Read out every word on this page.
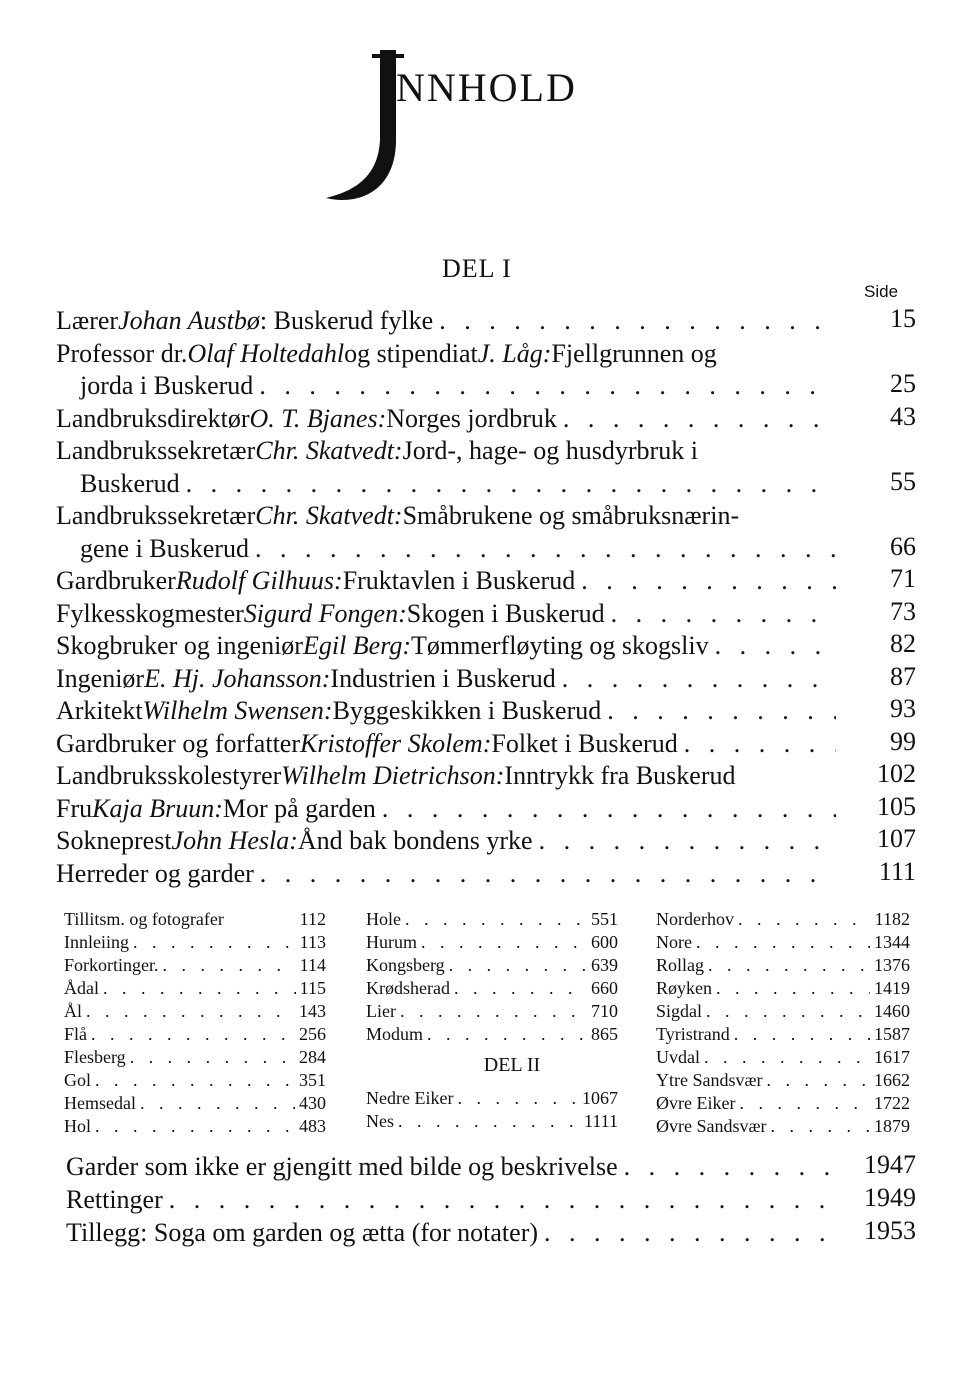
NNHOLD
DEL I
Side
Lærer Johan Austbø : Buskerud fylke . . .	15
Professor dr. Olaf Holtedahl og stipendiat J. Låg: Fjellgrunnen og
jorda i Buskerud . . .	25
Landbruksdirektør O. T. Bjanes: Norges jordbruk . . .	43
Landbrukssekretær Chr. Skatvedt: Jord-, hage- og husdyrbruk i
Buskerud . . .	55
Landbrukssekretær Chr. Skatvedt: Småbrukene og småbruksnærin-
gene i Buskerud . . .	66
Gardbruker Rudolf Gilhuus: Fruktavlen i Buskerud . . .	71
Fylkesskogmester Sigurd Fongen: Skogen i Buskerud . . .	73
Skogbruker og ingeniør Egil Berg: Tømmerfløyting og skogsliv . . .	82
Ingeniør E. Hj. Johansson: Industrien i Buskerud . . .	87
Arkitekt Wilhelm Swensen: Byggeskikken i Buskerud . . .	93
Gardbruker og forfatter Kristoffer Skolem: Folket i Buskerud . . .	99
Landbruksskolestyrer Wilhelm Dietrichson: Inntrykk fra Buskerud	102
Fru Kaja Bruun: Mor på garden . . .	105
Sokneprest John Hesla: Ånd bak bondens yrke . . .	107
Herreder og garder . . .	111
Tillitsm. og fotografer	112
Innleiing . . .	113
Forkortinger. . . .	114
Ådal . . .	115
Ål . . .	143
Flå . . .	256
Flesberg . . .	284
Gol . . .	351
Hemsedal . . .	430
Hol . . .	483
Hole . . .	551
Hurum . . .	600
Kongsberg . . .	639
Krødsherad . . .	660
Lier . . .	710
Modum . . .	865
DEL II
Nedre Eiker . . .	1067
Nes . . .	1111
Norderhov . . .	1182
Nore . . .	1344
Rollag . . .	1376
Røyken . . .	1419
Sigdal . . .	1460
Tyristrand . . .	1587
Uvdal . . .	1617
Ytre Sandsvær . . .	1662
Øvre Eiker . . .	1722
Øvre Sandsvær . . .	1879
Garder som ikke er gjengitt med bilde og beskrivelse . . .	1947
Rettinger . . .	1949
Tillegg: Soga om garden og ætta (for notater) . . .	1953
